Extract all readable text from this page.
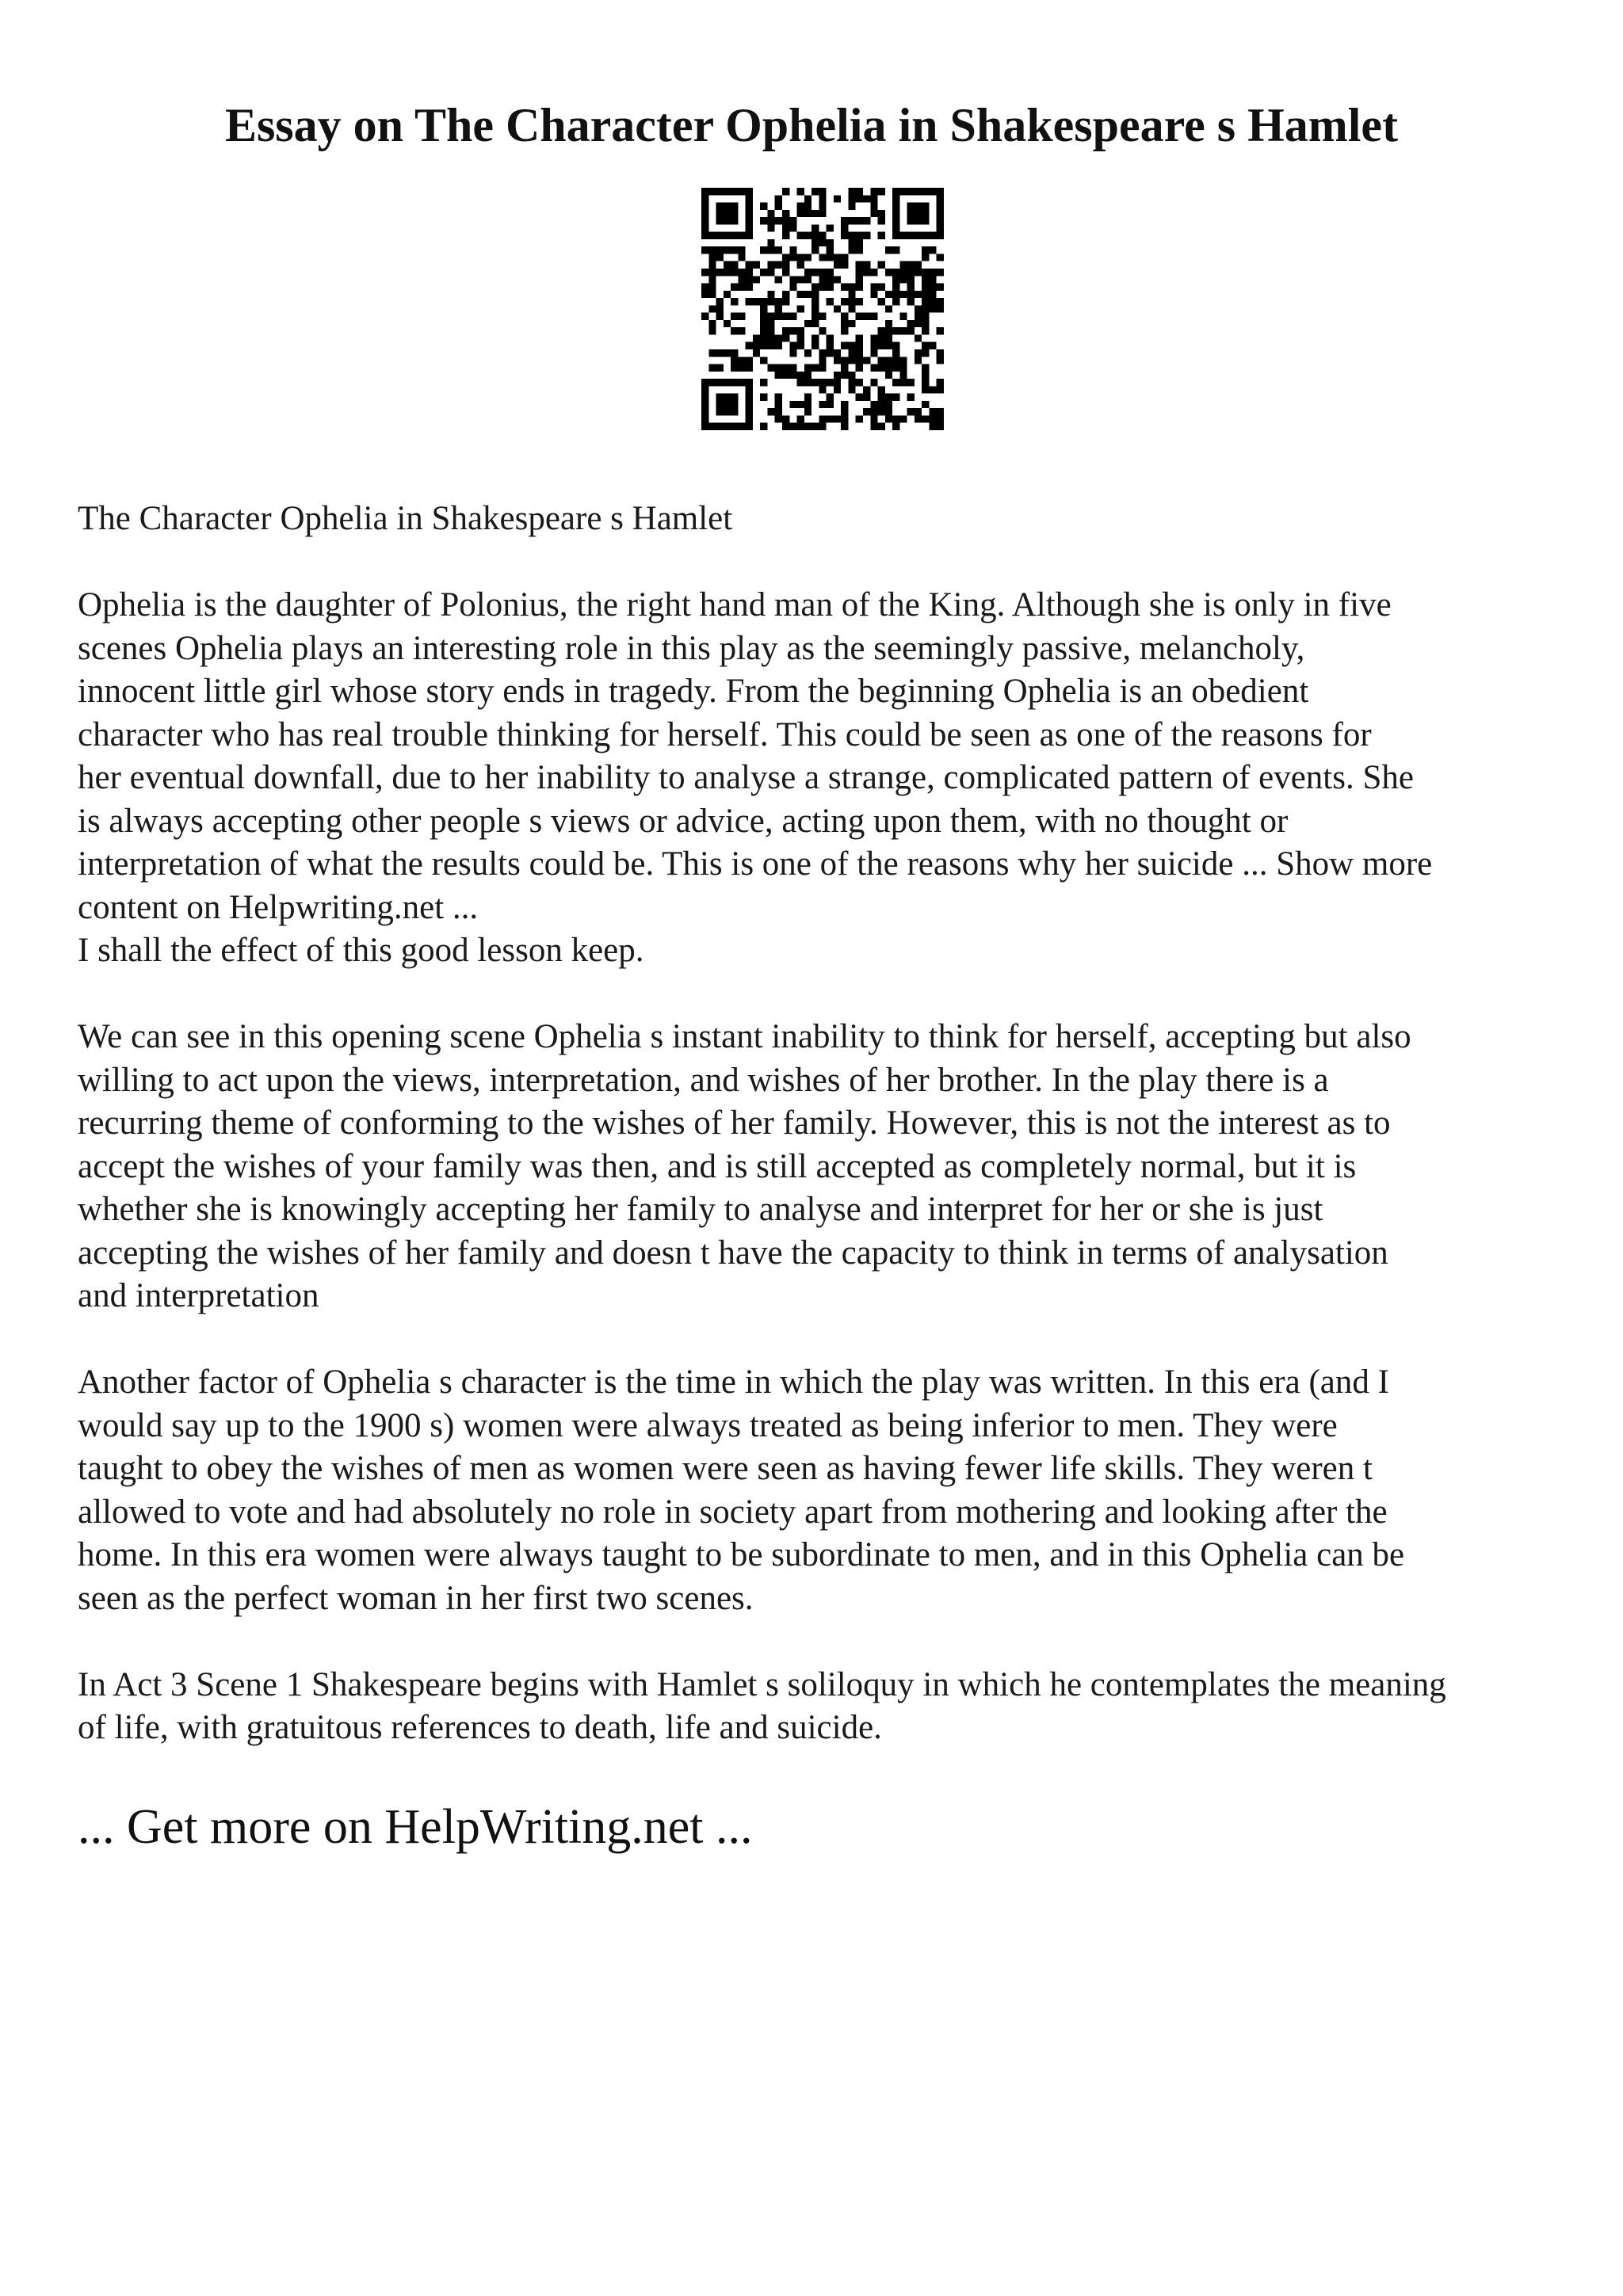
Essay on The Character Ophelia in Shakespeare s Hamlet

The Character Ophelia in Shakespeare s Hamlet

Ophelia is the daughter of Polonius, the right hand man of the King. Although she is only in five
scenes Ophelia plays an interesting role in this play as the seemingly passive, melancholy,
innocent little girl whose story ends in tragedy. From the beginning Ophelia is an obedient
character who has real trouble thinking for herself. This could be seen as one of the reasons for
her eventual downfall, due to her inability to analyse a strange, complicated pattern of events. She
is always accepting other people s views or advice, acting upon them, with no thought or
interpretation of what the results could be. This is one of the reasons why her suicide ... Show more
content on Helpwriting.net ...
I shall the effect of this good lesson keep.

We can see in this opening scene Ophelia s instant inability to think for herself, accepting but also
willing to act upon the views, interpretation, and wishes of her brother. In the play there is a
recurring theme of conforming to the wishes of her family. However, this is not the interest as to
accept the wishes of your family was then, and is still accepted as completely normal, but it is
whether she is knowingly accepting her family to analyse and interpret for her or she is just
accepting the wishes of her family and doesn t have the capacity to think in terms of analysation
and interpretation

Another factor of Ophelia s character is the time in which the play was written. In this era (and I
would say up to the 1900 s) women were always treated as being inferior to men. They were
taught to obey the wishes of men as women were seen as having fewer life skills. They weren t
allowed to vote and had absolutely no role in society apart from mothering and looking after the
home. In this era women were always taught to be subordinate to men, and in this Ophelia can be
seen as the perfect woman in her first two scenes.

In Act 3 Scene 1 Shakespeare begins with Hamlet s soliloquy in which he contemplates the meaning
of life, with gratuitous references to death, life and suicide.

... Get more on HelpWriting.net ...
